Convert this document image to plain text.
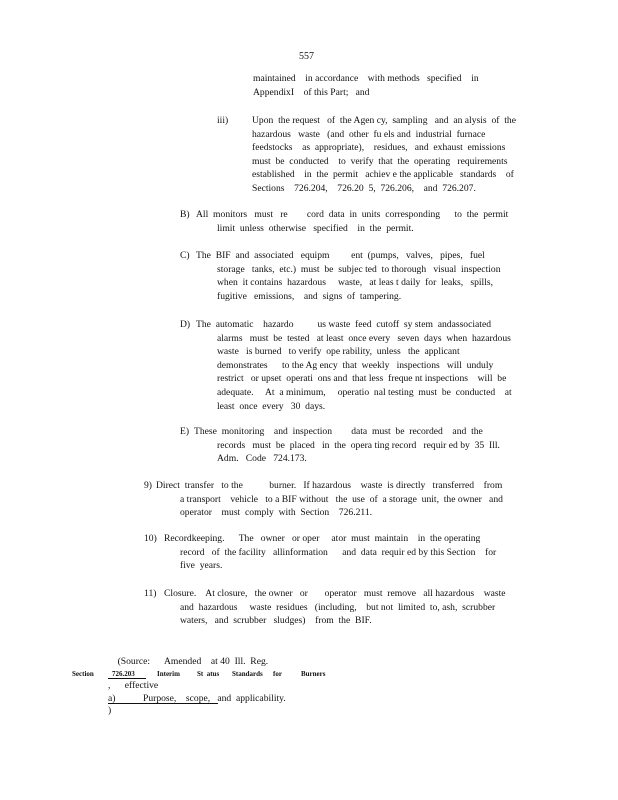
557
maintained    in accordance    with methods   specified    in
AppendixI    of this Part;   and
iii) Upon  the request   of  the Agen cy,  sampling   and  an alysis  of  the
hazardous   waste   (and  other  fu els and  industrial  furnace
feedstocks    as  appropriate),    residues,   and  exhaust  emissions
must  be  conducted    to  verify  that  the  operating   requirements
established    in  the  permit   achiev e the applicable   standards    of
Sections    726.204,    726.20  5,  726.206,    and  726.207.
B) All  monitors   must   re        cord  data  in  units  corresponding      to  the  permit
limit  unless  otherwise   specified    in  the  permit.
C) The  BIF  and  associated   equipm         ent  (pumps,   valves,   pipes,   fuel
storage   tanks,  etc.)  must  be  subjec ted  to thorough   visual  inspection
when  it contains  hazardous     waste,   at leas t daily  for  leaks,   spills,
fugitive   emissions,    and  signs  of  tampering.
D) The  automatic    hazardo          us waste  feed  cutoff  sy stem  andassociated
alarms   must  be  tested   at least  once every   seven  days  when  hazardous
waste   is burned   to verify  ope rability,  unless   the  applicant
demonstrates      to the Ag ency  that  weekly   inspections   will  unduly
restrict   or upset  operati  ons and  that less  freque nt inspections    will  be
adequate.     At  a minimum,     operatio  nal testing  must  be  conducted    at
least  once  every   30  days.
E) These  monitoring    and  inspection        data  must  be  recorded    and  the
records   must  be  placed   in  the  opera ting record   requir ed by  35  Ill.
Adm.   Code   724.173.
9) Direct  transfer   to the           burner.   If hazardous    waste  is directly   transferred    from
a transport    vehicle   to a BIF without   the  use  of  a storage  unit,  the owner   and
operator    must  comply  with  Section    726.211.
10) Recordkeeping.      The   owner   or oper     ator  must  maintain    in  the operating
record   of  the facility   allinformation      and  data  requir ed by this Section    for
five  years.
11) Closure.    At closure,   the owner   or       operator   must  remove   all hazardous    waste
and  hazardous     waste  residues   (including,    but not  limited  to, ash,  scrubber
waters,   and  scrubber   sludges)    from  the  BIF.

(Source: Amended    at 40  Ill.  Reg.
, effective
)

Section	726.203	Interim St  atus Standards for	Burners
a)	Purpose,    scope,   and  applicability.
